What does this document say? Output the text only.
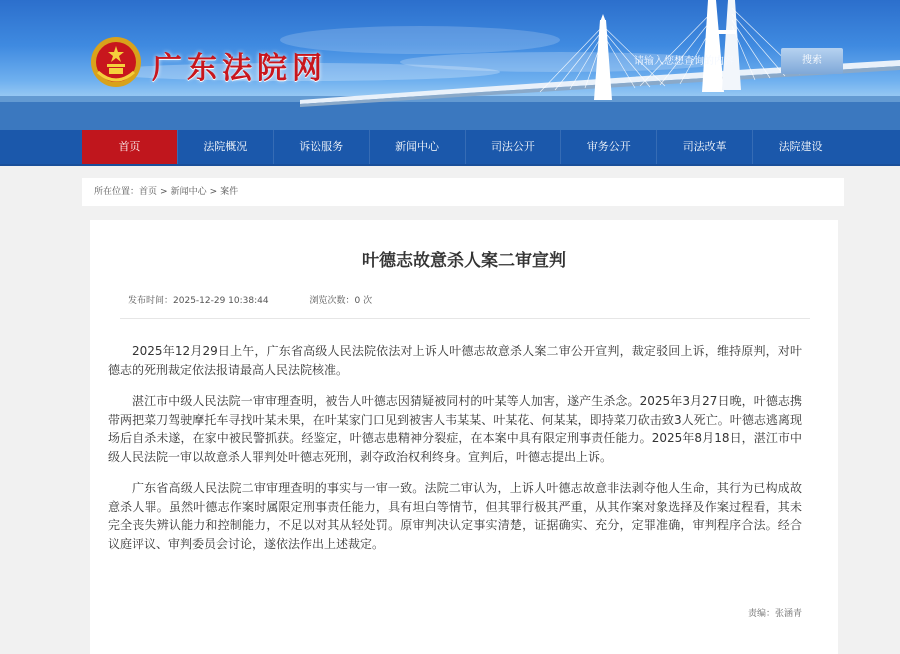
广东法院网
请输入您想查询的内容	搜索
首页	法院概况	诉讼服务	新闻中心	司法公开	审务公开	司法改革	法院建设
所在位置：首页 > 新闻中心 > 案件
叶德志故意杀人案二审宣判
发布时间：2025-12-29 10:38:44	浏览次数：0 次

2025年12月29日上午，广东省高级人民法院依法对上诉人叶德志故意杀人案二审公开宣判，裁定驳回上诉，维持原判，对叶德志的死刑裁定依法报请最高人民法院核准。

湛江市中级人民法院一审审理查明，被告人叶德志因猜疑被同村的叶某等人加害，遂产生杀念。2025年3月27日晚，叶德志携带两把菜刀驾驶摩托车寻找叶某未果，在叶某家门口见到被害人韦某某、叶某花、何某某，即持菜刀砍击致3人死亡。叶德志逃离现场后自杀未遂，在家中被民警抓获。经鉴定，叶德志患精神分裂症，在本案中具有限定刑事责任能力。2025年8月18日，湛江市中级人民法院一审以故意杀人罪判处叶德志死刑，剥夺政治权利终身。宣判后，叶德志提出上诉。

广东省高级人民法院二审审理查明的事实与一审一致。法院二审认为，上诉人叶德志故意非法剥夺他人生命，其行为已构成故意杀人罪。虽然叶德志作案时属限定刑事责任能力，具有坦白等情节，但其罪行极其严重，从其作案对象选择及作案过程看，其未完全丧失辨认能力和控制能力，不足以对其从轻处罚。原审判决认定事实清楚，证据确实、充分，定罪准确，审判程序合法。经合议庭评议、审判委员会讨论，遂依法作出上述裁定。

责编：张涵青
